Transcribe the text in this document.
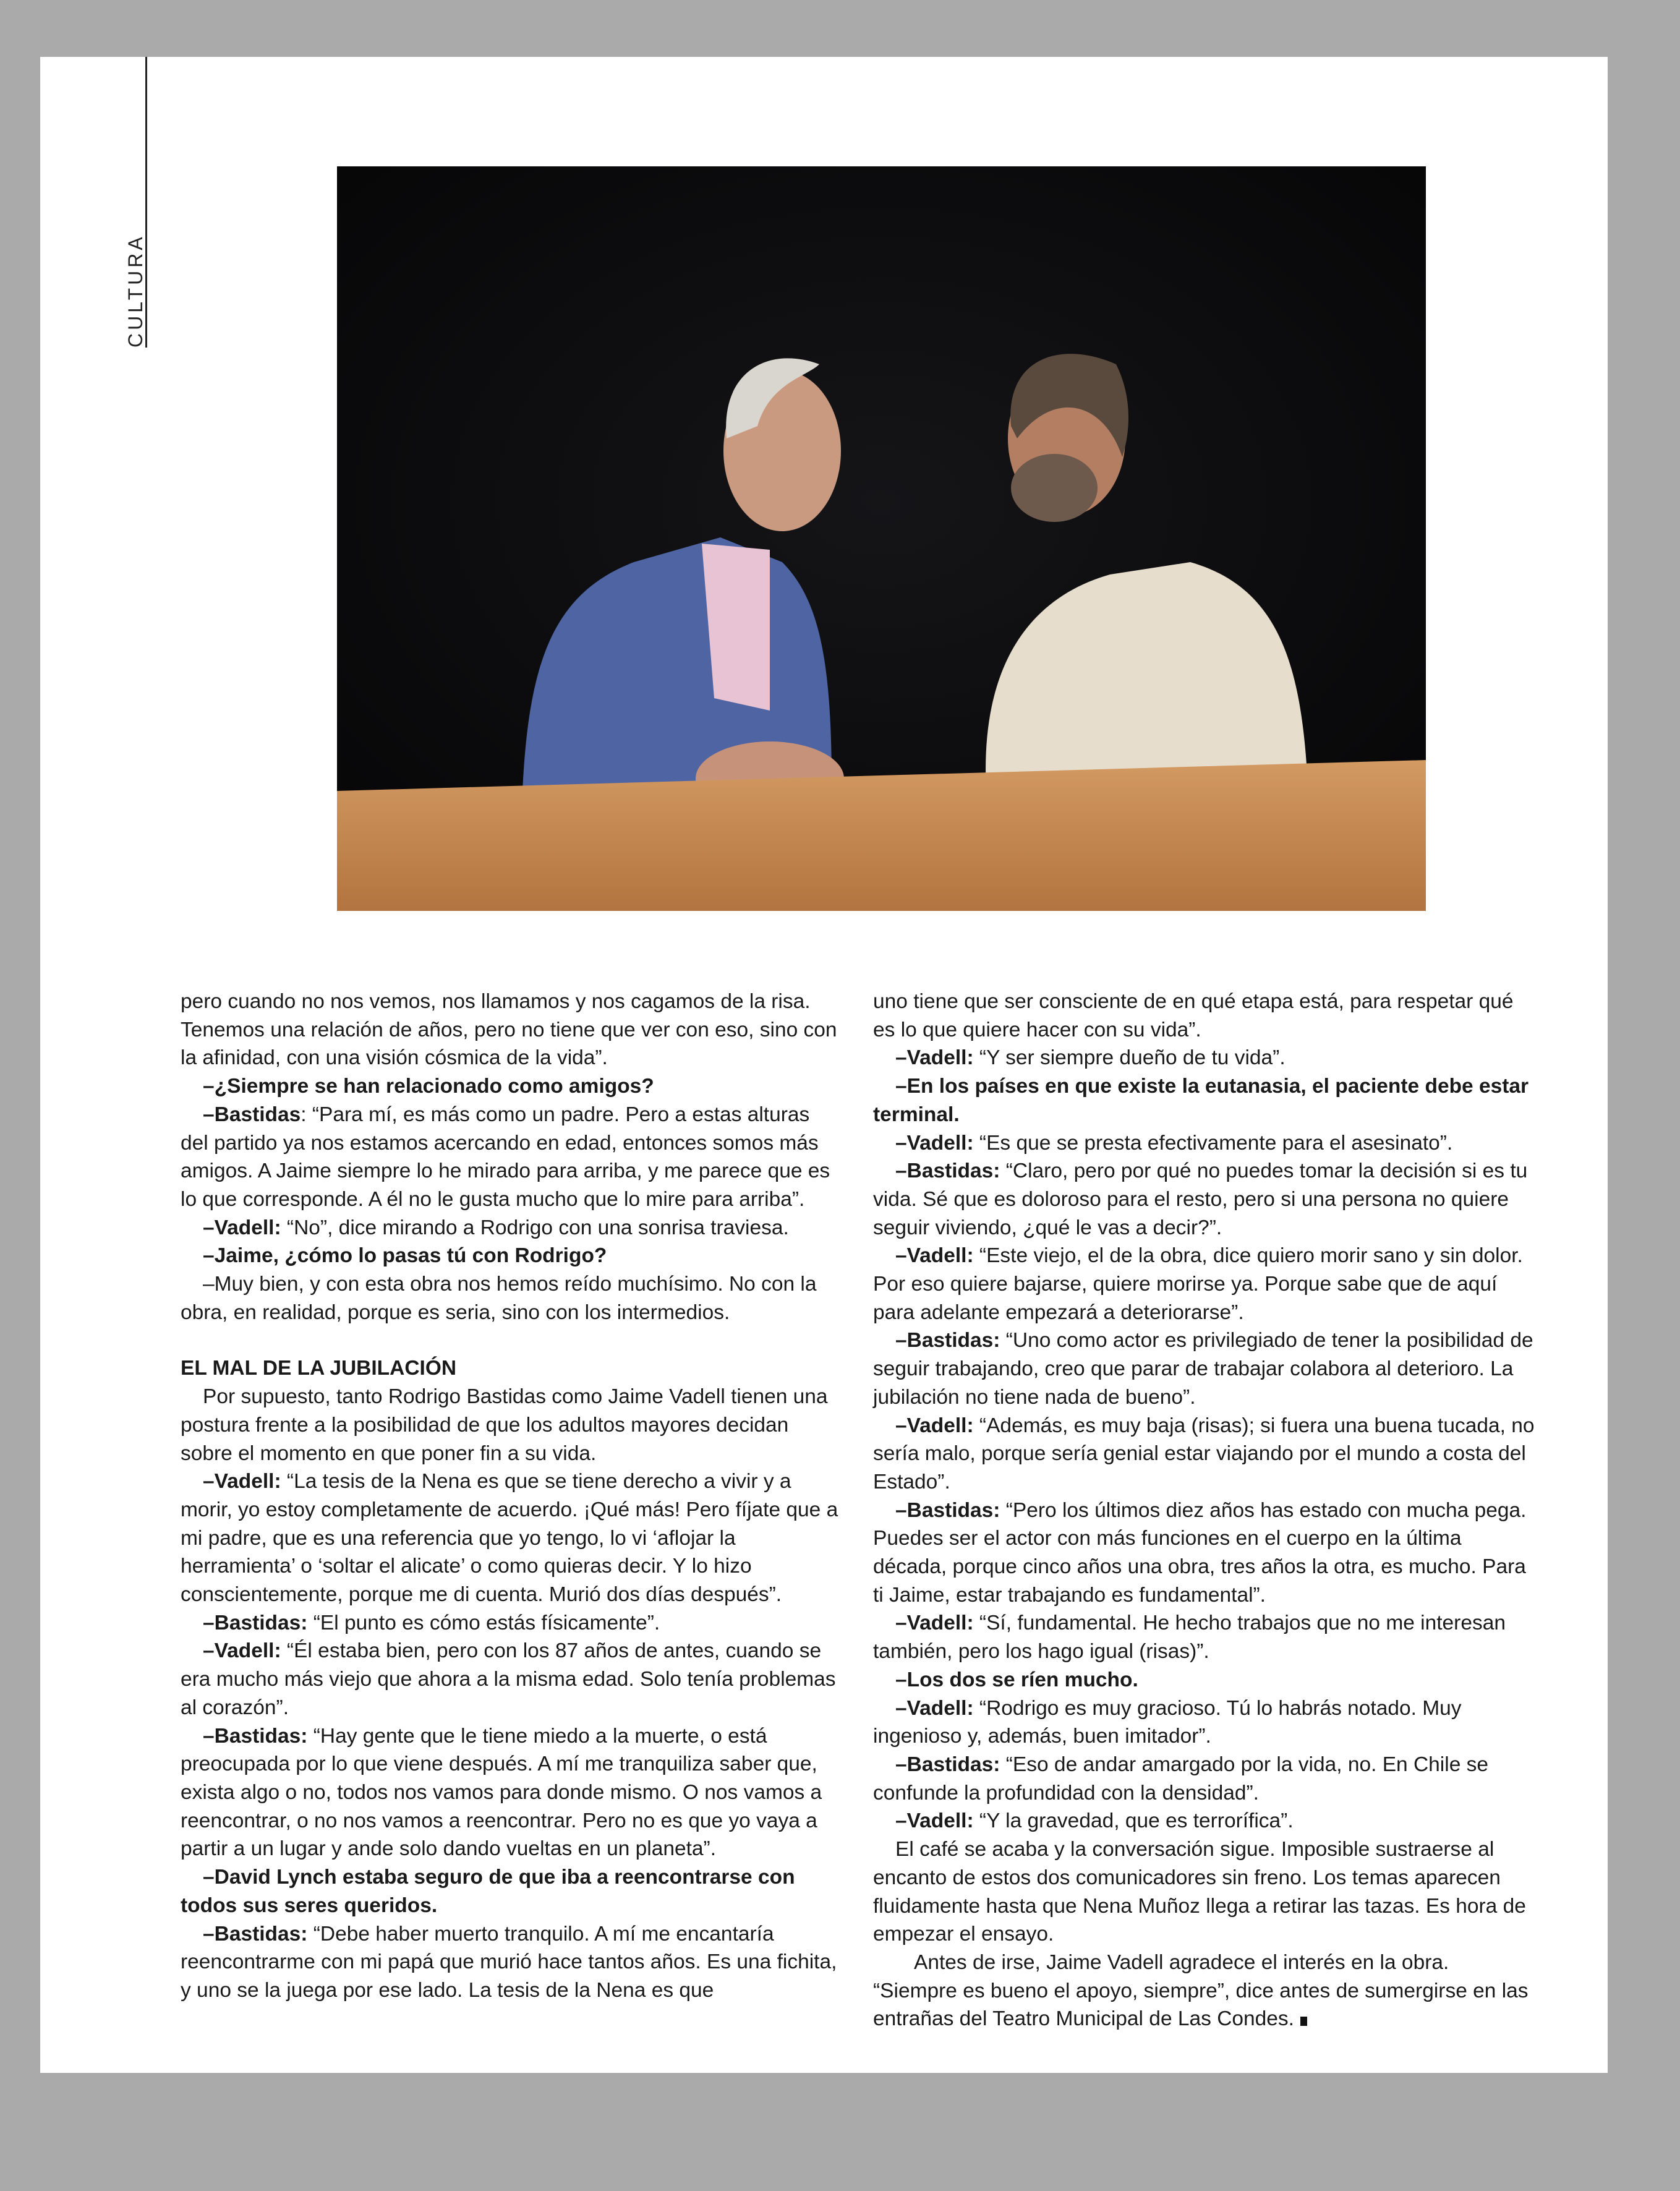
CULTURA

pero cuando no nos vemos, nos llamamos y nos cagamos de la risa. Tenemos una relación de años, pero no tiene que ver con eso, sino con la afinidad, con una visión cósmica de la vida”.

–¿Siempre se han relacionado como amigos?

–Bastidas: “Para mí, es más como un padre. Pero a estas alturas del partido ya nos estamos acercando en edad, entonces somos más amigos. A Jaime siempre lo he mirado para arriba, y me parece que es lo que corresponde. A él no le gusta mucho que lo mire para arriba”.

–Vadell: “No”, dice mirando a Rodrigo con una sonrisa traviesa.

–Jaime, ¿cómo lo pasas tú con Rodrigo?

–Muy bien, y con esta obra nos hemos reído muchísimo. No con la obra, en realidad, porque es seria, sino con los intermedios.

EL MAL DE LA JUBILACIÓN

Por supuesto, tanto Rodrigo Bastidas como Jaime Vadell tienen una postura frente a la posibilidad de que los adultos mayores decidan sobre el momento en que poner fin a su vida.

–Vadell: “La tesis de la Nena es que se tiene derecho a vivir y a morir, yo estoy completamente de acuerdo. ¡Qué más! Pero fíjate que a mi padre, que es una referencia que yo tengo, lo vi ‘aflojar la herramienta’ o ‘soltar el alicate’ o como quieras decir. Y lo hizo conscientemente, porque me di cuenta. Murió dos días después”.

–Bastidas: “El punto es cómo estás físicamente”.

–Vadell: “Él estaba bien, pero con los 87 años de antes, cuando se era mucho más viejo que ahora a la misma edad. Solo tenía problemas al corazón”.

–Bastidas: “Hay gente que le tiene miedo a la muerte, o está preocupada por lo que viene después. A mí me tranquiliza saber que, exista algo o no, todos nos vamos para donde mismo. O nos vamos a reencontrar, o no nos vamos a reencontrar. Pero no es que yo vaya a partir a un lugar y ande solo dando vueltas en un planeta”.

–David Lynch estaba seguro de que iba a reencontrarse con todos sus seres queridos.

–Bastidas: “Debe haber muerto tranquilo. A mí me encantaría reencontrarme con mi papá que murió hace tantos años. Es una fichita, y uno se la juega por ese lado. La tesis de la Nena es que

uno tiene que ser consciente de en qué etapa está, para respetar qué es lo que quiere hacer con su vida”.

–Vadell: “Y ser siempre dueño de tu vida”.

–En los países en que existe la eutanasia, el paciente debe estar terminal.

–Vadell: “Es que se presta efectivamente para el asesinato”.

–Bastidas: “Claro, pero por qué no puedes tomar la decisión si es tu vida. Sé que es doloroso para el resto, pero si una persona no quiere seguir viviendo, ¿qué le vas a decir?”.

–Vadell: “Este viejo, el de la obra, dice quiero morir sano y sin dolor. Por eso quiere bajarse, quiere morirse ya. Porque sabe que de aquí para adelante empezará a deteriorarse”.

–Bastidas: “Uno como actor es privilegiado de tener la posibilidad de seguir trabajando, creo que parar de trabajar colabora al deterioro. La jubilación no tiene nada de bueno”.

–Vadell: “Además, es muy baja (risas); si fuera una buena tucada, no sería malo, porque sería genial estar viajando por el mundo a costa del Estado”.

–Bastidas: “Pero los últimos diez años has estado con mucha pega. Puedes ser el actor con más funciones en el cuerpo en la última década, porque cinco años una obra, tres años la otra, es mucho. Para ti Jaime, estar trabajando es fundamental”.

–Vadell: “Sí, fundamental. He hecho trabajos que no me interesan también, pero los hago igual (risas)”.

–Los dos se ríen mucho.

–Vadell: “Rodrigo es muy gracioso. Tú lo habrás notado. Muy ingenioso y, además, buen imitador”.

–Bastidas: “Eso de andar amargado por la vida, no. En Chile se confunde la profundidad con la densidad”.

–Vadell: “Y la gravedad, que es terrorífica”.

El café se acaba y la conversación sigue. Imposible sustraerse al encanto de estos dos comunicadores sin freno. Los temas aparecen fluidamente hasta que Nena Muñoz llega a retirar las tazas. Es hora de empezar el ensayo.

Antes de irse, Jaime Vadell agradece el interés en la obra. “Siempre es bueno el apoyo, siempre”, dice antes de sumergirse en las entrañas del Teatro Municipal de Las Condes.
